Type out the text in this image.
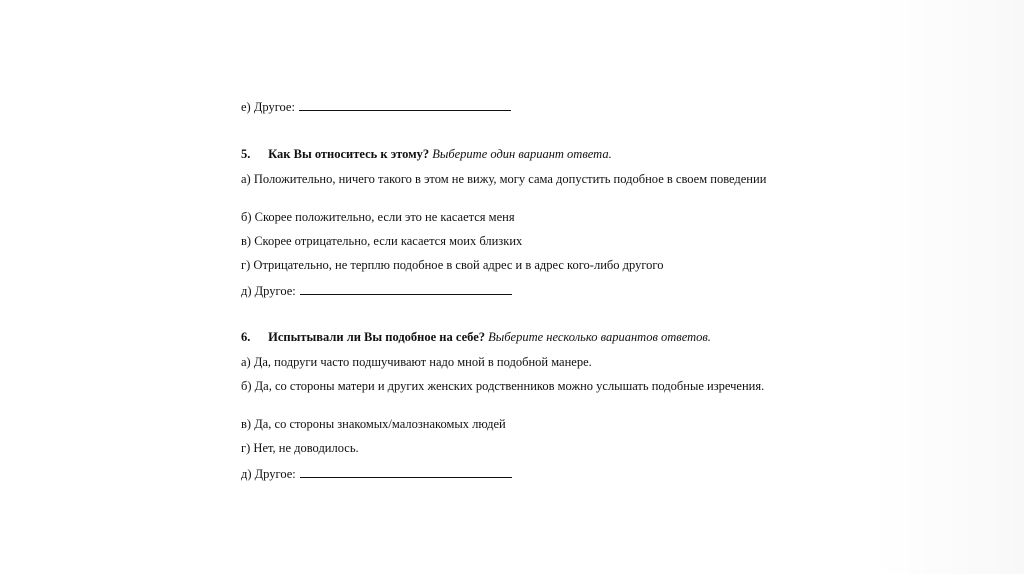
е) Другое:
5. Как Вы относитесь к этому? Выберите один вариант ответа.
а) Положительно, ничего такого в этом не вижу, могу сама допустить подобное в своем поведении
б) Скорее положительно, если это не касается меня
в) Скорее отрицательно, если касается моих близких
г) Отрицательно, не терплю подобное в свой адрес и в адрес кого-либо другого
д) Другое:
6. Испытывали ли Вы подобное на себе? Выберите несколько вариантов ответов.
а) Да, подруги часто подшучивают надо мной в подобной манере.
б) Да, со стороны матери и других женских родственников можно услышать подобные изречения.
в) Да, со стороны знакомых/малознакомых людей
г) Нет, не доводилось.
д) Другое:
